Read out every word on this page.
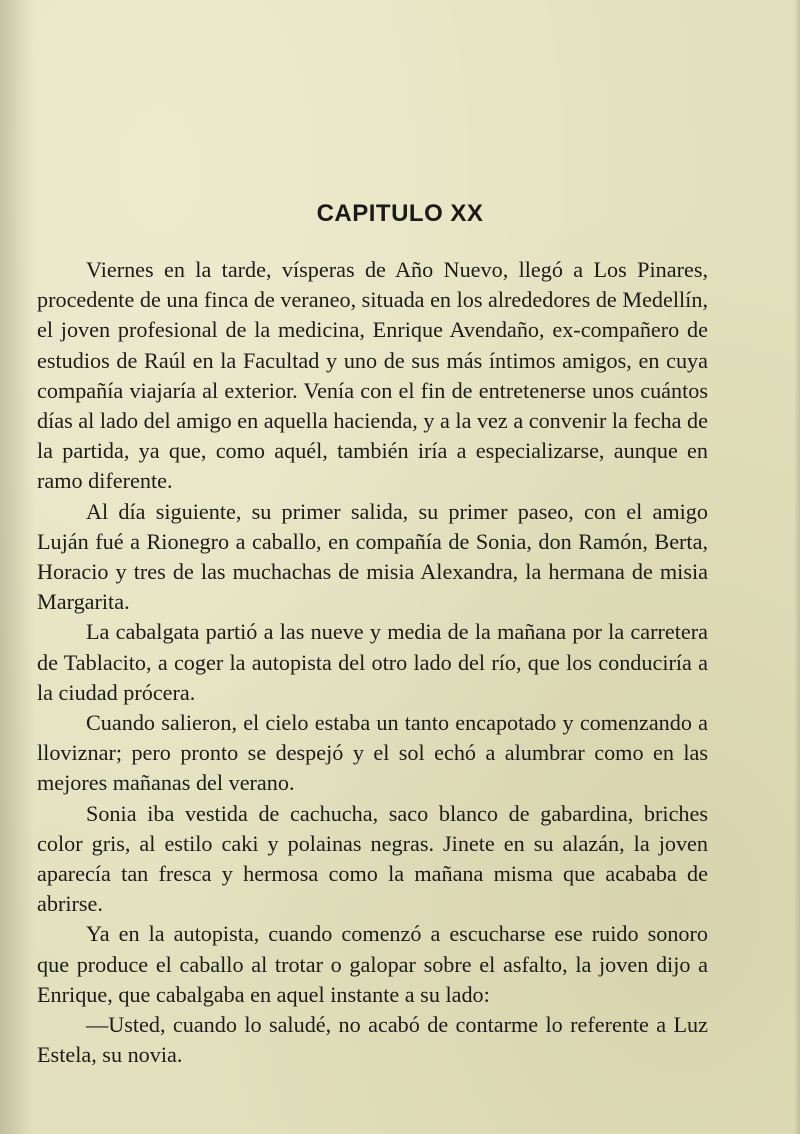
CAPITULO XX

Viernes en la tarde, vísperas de Año Nuevo, llegó a Los Pinares, procedente de una finca de veraneo, situada en los alrededores de Medellín, el joven profesional de la medicina, Enrique Avendaño, ex-compañero de estudios de Raúl en la Facultad y uno de sus más íntimos amigos, en cuya compañía viajaría al exterior. Venía con el fin de entretenerse unos cuántos días al lado del amigo en aquella hacienda, y a la vez a convenir la fecha de la partida, ya que, como aquél, también iría a especializarse, aunque en ramo diferente.

Al día siguiente, su primer salida, su primer paseo, con el amigo Luján fué a Rionegro a caballo, en compañía de Sonia, don Ramón, Berta, Horacio y tres de las muchachas de misia Alexandra, la hermana de misia Margarita.

La cabalgata partió a las nueve y media de la mañana por la carretera de Tablacito, a coger la autopista del otro lado del río, que los conduciría a la ciudad prócera.

Cuando salieron, el cielo estaba un tanto encapotado y comenzando a lloviznar; pero pronto se despejó y el sol echó a alumbrar como en las mejores mañanas del verano.

Sonia iba vestida de cachucha, saco blanco de gabardina, briches color gris, al estilo caki y polainas negras. Jinete en su alazán, la joven aparecía tan fresca y hermosa como la mañana misma que acababa de abrirse.

Ya en la autopista, cuando comenzó a escucharse ese ruido sonoro que produce el caballo al trotar o galopar sobre el asfalto, la joven dijo a Enrique, que cabalgaba en aquel instante a su lado:

—Usted, cuando lo saludé, no acabó de contarme lo referente a Luz Estela, su novia.
